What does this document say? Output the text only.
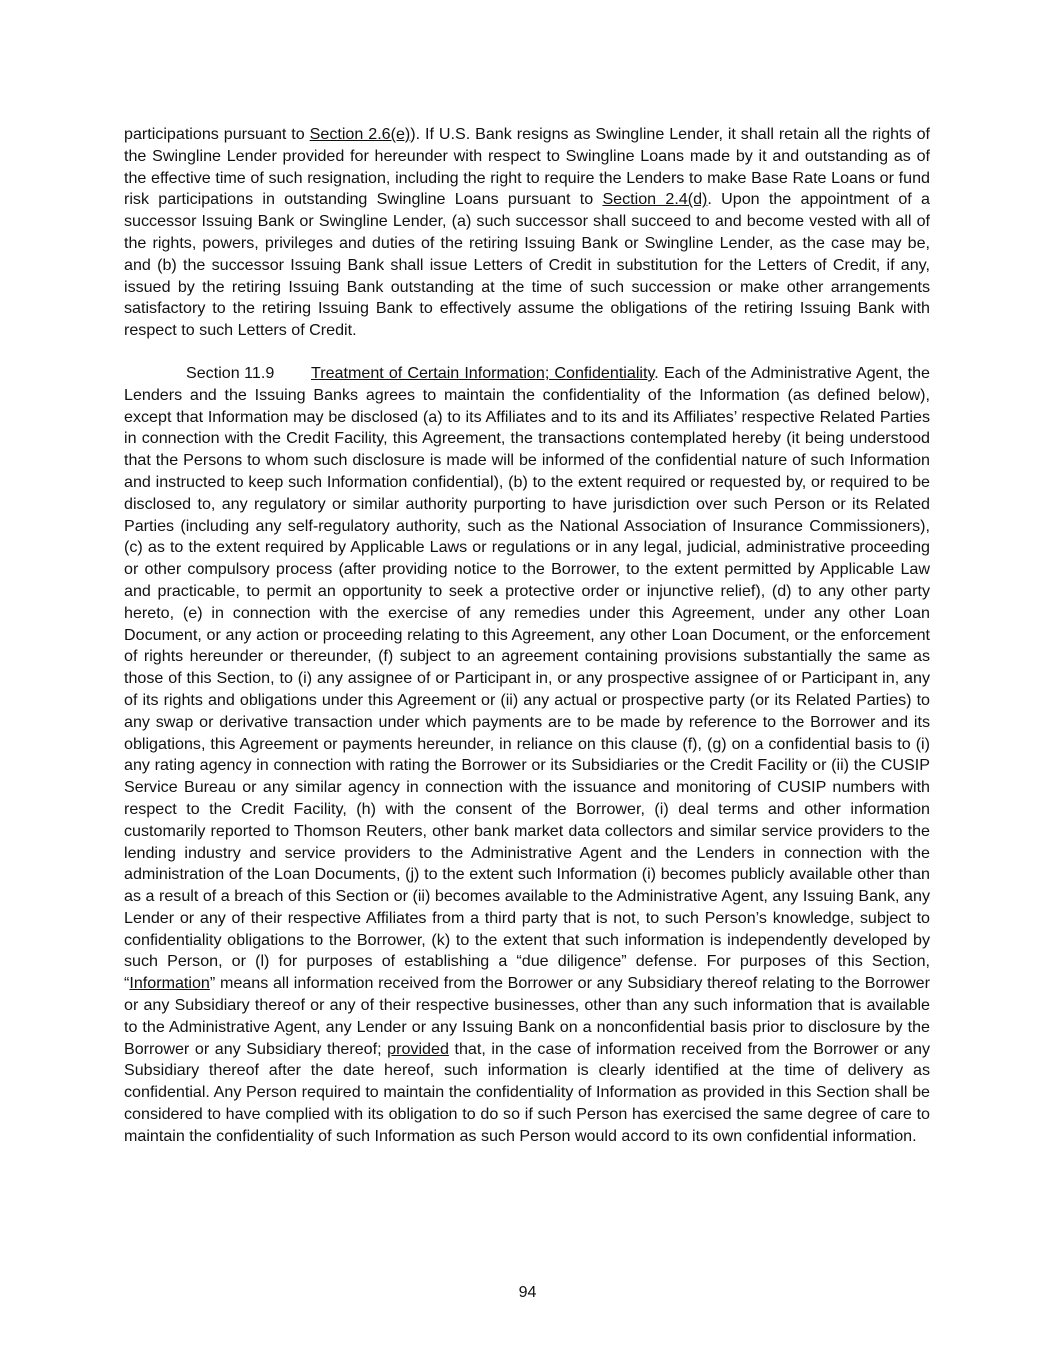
participations pursuant to Section 2.6(e)). If U.S. Bank resigns as Swingline Lender, it shall retain all the rights of the Swingline Lender provided for hereunder with respect to Swingline Loans made by it and outstanding as of the effective time of such resignation, including the right to require the Lenders to make Base Rate Loans or fund risk participations in outstanding Swingline Loans pursuant to Section 2.4(d). Upon the appointment of a successor Issuing Bank or Swingline Lender, (a) such successor shall succeed to and become vested with all of the rights, powers, privileges and duties of the retiring Issuing Bank or Swingline Lender, as the case may be, and (b) the successor Issuing Bank shall issue Letters of Credit in substitution for the Letters of Credit, if any, issued by the retiring Issuing Bank outstanding at the time of such succession or make other arrangements satisfactory to the retiring Issuing Bank to effectively assume the obligations of the retiring Issuing Bank with respect to such Letters of Credit.

Section 11.9 Treatment of Certain Information; Confidentiality. Each of the Administrative Agent, the Lenders and the Issuing Banks agrees to maintain the confidentiality of the Information (as defined below), except that Information may be disclosed (a) to its Affiliates and to its and its Affiliates’ respective Related Parties in connection with the Credit Facility, this Agreement, the transactions contemplated hereby (it being understood that the Persons to whom such disclosure is made will be informed of the confidential nature of such Information and instructed to keep such Information confidential), (b) to the extent required or requested by, or required to be disclosed to, any regulatory or similar authority purporting to have jurisdiction over such Person or its Related Parties (including any self-regulatory authority, such as the National Association of Insurance Commissioners), (c) as to the extent required by Applicable Laws or regulations or in any legal, judicial, administrative proceeding or other compulsory process (after providing notice to the Borrower, to the extent permitted by Applicable Law and practicable, to permit an opportunity to seek a protective order or injunctive relief), (d) to any other party hereto, (e) in connection with the exercise of any remedies under this Agreement, under any other Loan Document, or any action or proceeding relating to this Agreement, any other Loan Document, or the enforcement of rights hereunder or thereunder, (f) subject to an agreement containing provisions substantially the same as those of this Section, to (i) any assignee of or Participant in, or any prospective assignee of or Participant in, any of its rights and obligations under this Agreement or (ii) any actual or prospective party (or its Related Parties) to any swap or derivative transaction under which payments are to be made by reference to the Borrower and its obligations, this Agreement or payments hereunder, in reliance on this clause (f), (g) on a confidential basis to (i) any rating agency in connection with rating the Borrower or its Subsidiaries or the Credit Facility or (ii) the CUSIP Service Bureau or any similar agency in connection with the issuance and monitoring of CUSIP numbers with respect to the Credit Facility, (h) with the consent of the Borrower, (i) deal terms and other information customarily reported to Thomson Reuters, other bank market data collectors and similar service providers to the lending industry and service providers to the Administrative Agent and the Lenders in connection with the administration of the Loan Documents, (j) to the extent such Information (i) becomes publicly available other than as a result of a breach of this Section or (ii) becomes available to the Administrative Agent, any Issuing Bank, any Lender or any of their respective Affiliates from a third party that is not, to such Person’s knowledge, subject to confidentiality obligations to the Borrower, (k) to the extent that such information is independently developed by such Person, or (l) for purposes of establishing a “due diligence” defense. For purposes of this Section, “Information” means all information received from the Borrower or any Subsidiary thereof relating to the Borrower or any Subsidiary thereof or any of their respective businesses, other than any such information that is available to the Administrative Agent, any Lender or any Issuing Bank on a nonconfidential basis prior to disclosure by the Borrower or any Subsidiary thereof; provided that, in the case of information received from the Borrower or any Subsidiary thereof after the date hereof, such information is clearly identified at the time of delivery as confidential. Any Person required to maintain the confidentiality of Information as provided in this Section shall be considered to have complied with its obligation to do so if such Person has exercised the same degree of care to maintain the confidentiality of such Information as such Person would accord to its own confidential information.

94
